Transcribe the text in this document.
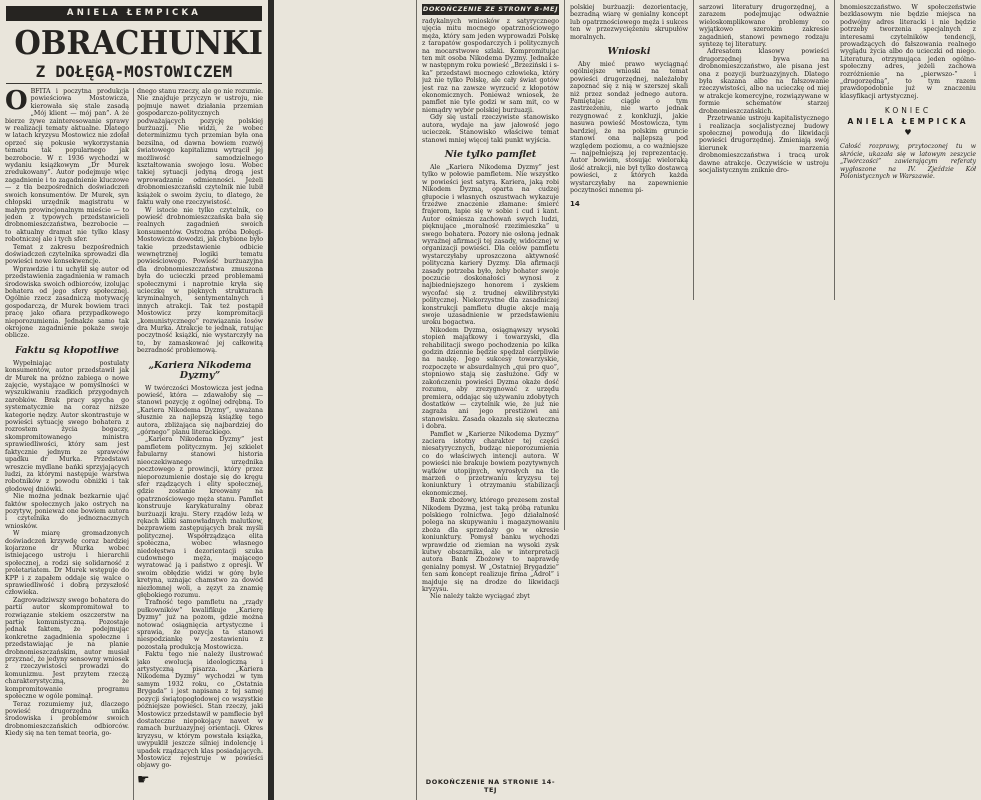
ANIELA ŁEMPICKA
OBRACHUNKI
Z DOŁĘGĄ-MOSTOWICZEM

OBFITA i poczytna produkcja powieściowa Mostowicza, kierowała się stale zasadą „Mój klient — mój pan”. A że bierze żywe zainteresowanie sprawy w realizacji tematy aktualne. Dlatego w latach kryzysu Mostowicz nie zdołał oprzeć się pokusie wykorzystania tematu tak popularnego jak bezrobocie. W r. 1936 wychodzi w wydaniu książkowym „Dr Murek zredukowany”. Autor podejmuje więc zagadnienie i to zagadnienie kluczowe — z tła bezpośrednich doświadczeń swoich konsumentów. Dr Murek, syn chłopski urzędnik magistratu w małym prowincjonalnym mieście — to jeden z typowych przedstawicieli drobnomieszczaństwa, bezrobocie — to aktualny dramat nie tylko klasy robotniczej ale i tych sfer.

Temat z zakresu bezpośrednich doświadczeń czytelnika sprowadzi dla powieści nowe konsekwencje.

Wprawdzie i tu uchylił się autor od przedstawienia zagadnienia w ramach środowiska swoich odbiorców, izolując bohatera od jego sfery społecznej. Ogólnie rzecz zasadniczą motywację gospodarczą, dr Murek bowiem traci pracę jako ofiara przypadkowego nieporozumienia. Jednakże samo tak okrojone zagadnienie pokaże swoje oblicze.

Faktu są kłopotliwe

Wypełniając postulaty konsumentów, autor przedstawił jak dr Murek na próżno zabiega o nowe zajęcie, wystające w pomyślności w wyszukiwaniu rzadkich przygodnych zarobków. Brak pracy spycha go systematycznie na coraz niższe kategorie nędzy. Autor skontrastuje w powieści sytuację swego bohatera z rozrostem życia bogaczy, skompromitowanego ministra sprawiedliwości, który sam jest faktycznie jednym ze sprawców upadku dr Murka. Przedstawi wreszcie mydlane bańki sprzyjających ludzi, za którymi następuje warstwa robotników z powodu obniżki i tak głodowej dniówki.

Nie można jednak bezkarnie ująć faktów społecznych jako ostrych na pozytyw, ponieważ one bowiem autora i czytelnika do jednoznacznych wniosków.

W miarę gromadzonych doświadczeń krzywdę coraz bardziej kojarzone dr Murka wobec istniejącego ustroju i hierarchii społecznej, a rodzi się solidarność z proletariatem. Dr Murek wstępuje do KPP i z zapałem oddaje się walce o sprawiedliwość i dobrą przyszłość człowieka.

Zagrowadziwszy swego bohatera do partii autor skompromitował to rozwiązanie stekiem oszczerstw na partię komunistyczną. Pozostaje jednak faktem, że podejmując konkretne zagadnienia społeczne i przedstawiając je na planie drobnomieszczańskim, autor musiał przyznać, że jedyny sensowny wniosek z rzeczywistości prowadzi do komunizmu. Jest przytem rzeczą charakterystyczną, że kompromitowanie programu społeczne w ogóle pominął.

Teraz rozumiemy już, dlaczego powieść drugorzędna unika środowiska i problemów swoich drobnomieszczańskich odbiorców. Kiedy się na ten temat teoria, go-

dnego stanu rzeczy, ale go nie rozumie. Nie znajduje przyczyn w ustroju, nie pojmuje nawet działania przemian gospodarczo-politycznych podważających pozycję polskiej burżuazji. Nie widzi, że wobec determinizmu tych przemian była ona bezsilna, od dawna bowiem rozwój światowego kapitalizmu wytrącił jej możliwość samodzielnego kształtowania swojego losu. Wobec takiej sytuacji jedyną drogą jest wprowadzanie odmienności. Jeżeli drobnomieszczański czytelnik nie lubił książek o swoim życiu, to dlatego, że faktu wały one rzeczywistość.

W istocie nie tylko czytelnik, co powieść drobnomieszczańska bała się realnych zagadnień swoich konsumentów. Ostrożna próba Dołęgi-Mostowicza dowodzi, jak chybione było takie przedstawienie odbicie wewnętrznej logiki tematu powieściowego. Powieść burżuazyjna dla drobnomieszczaństwa zmuszona była do ucieczki przed problemami społecznymi i naprotnie kryła się ucieczkę w pięknych strukturach kryminalnych, sentymentalnych i innych atrakcji. Tak też postąpił Mostowicz przy kompromitacji „komunistycznego” rozwiązania losów dra Murka. Atrakcje te jednak, ratując poczytność książki, nie wystarczyły na to, by zamaskować jej całkowitą bezradność problemową.

„Kariera Nikodema Dyzmy”

W twórczości Mostowicza jest jedna powieść, która — zdawałoby się — stanowi pozycję z ogólnej odrębną. To „Kariera Nikodema Dyzmy”, uważana słusznie za najlepszą książkę tego autora, zbliżająca się najbardziej do „górnego” planu literackiego.

„Kariera Nikodema Dyzmy” jest pamfletem politycznym. Jej szkielet fabularny stanowi historia nieoczekiwanego urzędnika pocztowego z prowincji, który przez nieporozumienie dostaje się do kręgu sfer rządzących i elity społecznej, gdzie zostanie kreowany na opatrznościowego męża stanu. Pamflet konstruuje karykaturalny obraz burżuazji kraju. Stery rządów leżą w rękach kliki samowładnych malutkow, bezprawiem zastępujących brak myśli politycznej. Współrządząca elita społeczna, wobec własnego niedołęstwa i dezorientacji szuka cudownego męża, mającego wyratować ją i państwo z opresji. W swoim obłędzie widzi w górę byle kretyna, uznając chamstwo za dowód niezłomnej woli, a zęzyt za znamię głębokiego rozumu.

Trafność tego pamfletu na „rządy pułkowników” kwalifikuje „Karierę Dyzmy” już na pozom, gdzie można notować osiągnięcia artystyczne i sprawia, że pozycja ta stanowi niespodziankę w zestawieniu z pozostałą produkcją Mostowicza.

Faktu tego nie należy ilustrować jako ewolucją ideologiczną i artystyczną pisarza. „Kariera Nikodema Dyzmy” wychodzi w tym samym 1932 roku, co „Ostatnia Brygada” i jest napisana z tej samej pozycji świątopogłodowej co wszystkie późniejsze powieści. Stan rzeczy, jaki Mostowicz przedstawił w pamflecie był dostateczne niepokojący nawet w ramach burżuazyjnej orientacji. Okres kryzysu, w którym powstała książka, uwypuklił jeszcze silniej indolencję i upadek rządzących klas posiadających. Mostowicz rejestruje w powieści objawy go-

☛
DOKOŃCZENIE ZE STRONY 8-MEJ

radykalnych wniosków z satyrycznego ujęcia mitu mocnego opatrznościowego męża, który sam jeden wyprowadzi Polskę z tarapatów gospodarczych i politycznych na mocarstwowe szlaki. Kompromitując ten mit osoba Nikodema Dyzmy. Jednakże w następnym roku powieść „Brzeziński i s-ka” przedstawi mocnego człowieka, który już nie tylko Polskę, ale cały świat gotów jest raz na zawsze wyrzucić z kłopotów ekonomicznych. Ponieważ wniosek, że pamflet nie tyle godzi w sam mit, co w niemądry wybór polskiej burżuazji.

Gdy się ustali rzeczywiste stanowisko autora, wydaje na jaw jałowość jego ucieczek. Stanowisko właściwe temat stanowi mniej więcej taki punkt wyjścia.

Nie tylko pamflet

Ale „Kariera Nikodema Dyzmy” jest tylko w połowie pamfletem. Nie wszystko w powieści jest satyrą. Kariera, jaką robi Nikodem Dyzma, oparta na cudzej głupocie i własnych oszustwach wykazuje trzeźwe znaczenie złamane: śmierć frajerom, łapie się w sobie i cud i kant. Autor ośmiesza zachowań swych ludzi, pięknujące „moralność rzezimieszka” u swego bohatera. Pozory nie osłoną jednak wyraźnej afirmacji tej zasady, widocznej w organizacji powieści. Dla celów pamfletu wystarczyłaby uproszczona aktywność polityczna kariery Dyzmy. Dla afirmacji zasady potrzeba było, żeby bohater swoje poczucie doskonałości wynosi z najbiedniejszego honorem i zyskiem wycofać się z trudnej ekwilibrystyki politycznej. Niekorzystne dla zasadniczej konstrukcji pamfletu długie akcje mają swoje uzasadnienie w przedstawieniu uroku bogactwa.

Nikodem Dyzma, osiągnąwszy wysoki stopień majątkowy i towarzyski, dla rehabilitacji swego pochodzenia po kilka godzin dziennie będzie spędzał cierpliwie na naukę. Jego sukcesy towarzyskie, rozpoczęte w absurdalnych „qui pro quo”, stopniowo stają się zasłużone. Gdy w zakończeniu powieści Dyzma okaże dość rozumu, aby zrezygnować z urzędu premiera, oddając się używaniu zdobytych dostatków — czytelnik wie, że już nie zagraża ani jego prestiżowi ani stanowisku. Zasada okazała się skuteczna i dobra.

Pamflet w „Karierze Nikodema Dyzmy” zaciera istotny charakter tej części niesatyrycznych, budząc nieporozumienia co do właściwych intencji autora. W powieści nie brakuje bowiem pozytywnych wątków utopijnych, wyrosłych na tle marzeń o przetrwaniu kryzysu tej koniunktury i otrzymaniu stabilizacji ekonomicznej.

Bank zbożowy, którego prezesem został Nikodem Dyzma, jest taką próbą ratunku polskiego rolnictwa. Jego działalność polega na skupywaniu i magazynowaniu zboża dla sprzedaży go w okresie koniunktury. Pomysł banku wychodzi wprawdzie od ziemian na wysoki zysk kutwy obszarnika, ale w interpretacji autora Bank Zbożowy to naprawdę genialny pomysł. W „Ostatniej Brygadzie” ten sam koncept realizuje firma „Adrol” i majduje się na drodze do likwidacji kryzysu.

Nie należy także wyciągać zbyt

DOKOŃCZENIE NA STRONIE 14-TEJ

polskiej burżuazji: dezorientację, bezradną wiarę w genialny koncept lub opatrznościowego męża i sukces ten w przezwyciężeniu skrupułów moralnych.

Wnioski

Aby mieć prawo wyciągnąć ogólniejsze wnioski na temat powieści drugorzędnej, należałoby zapoznać się z nią w szerszej skali niż przez sondaż jednego autora. Pamiętając ciągle o tym zastrzeżeniu, nie warto jednak rezygnować z konkluzji, jakie nasuwa powieść Mostowicza, tym bardziej, że na polskim gruncie stanowi ona najlepszą pod względem poziomu, a co ważniejsze — najpełniejszą jej reprezentację. Autor bowiem, stosując wieloraką ilość atrakcji, nie był tylko dostawcą powieści, z których każda wystarczyłaby na zapewnienie poczytności mnemu pi-

14

sarzowi literatury drugorzędnej, a zarazem podejmując odważnie wieloskomplikowane problemy co wyjątkowo szerokim zakresie zagadnień, stanowi pewnego rodzaju syntezę tej literatury.

Adresatem klasowy powieści drugorzędnej bywa na drobnomieszczaństwo, ale pisana jest ona z pozycji burżuazyjnych. Dlatego była skazana albo na fałszowanie rzeczywistości, albo na ucieczkę od niej w atrakcje komercyjne, rozwiązywane w formie schematów starzej drobnomieszczańskich.

Przetrwanie ustroju kapitalistycznego i realizacja socjalistycznej budowy społecznej powodują do likwidacji powieści drugorzędnej. Zmieniają swój kierunek marzenia drobnomieszczaństwa i tracą urok dawne atrakcje. Oczywiście w ustroju socjalistycznym zniknie dro-

bnomieszczaństwo. W społeczeństwie bezklasowym nie będzie miejsca na podwójny adres literacki i nie będzie potrzeby tworzenia specjalnych z interesami czytelników tendencji, prowadzących do fałszowania realnego wyglądu życia albo do ucieczki od niego. Literatura, otrzymująca jeden ogólno-społeczny adres, jeżeli zachowa rozróżnienie na „pierwszo-” i „drugorzędną”, to tym razem prawdopodobnie już w znaczeniu klasyfikacji artystycznej.

KONIEC
ANIELA ŁEMPICKA
♥
Całość rozprawy, przytoczonej tu w skrócie, ukazała się w latowym zeszycie „Twórczości” zawierającym referaty wygłoszone na IV. Zjeździe Kół Polonistycznych w Warszawie.
